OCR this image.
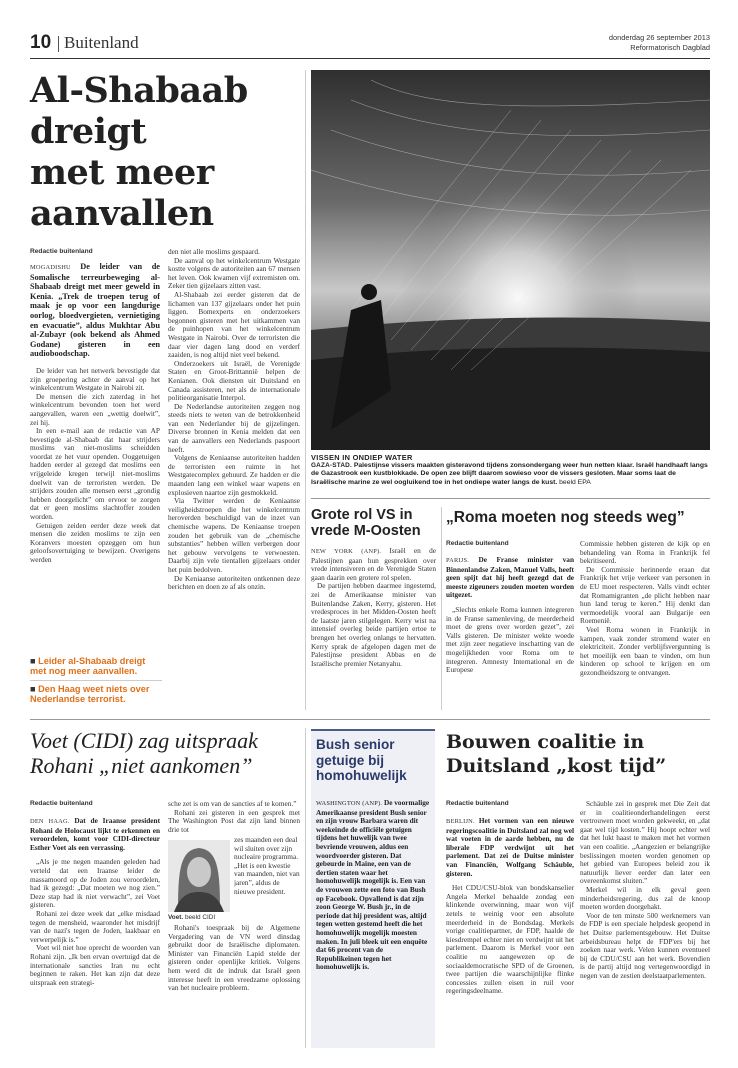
10 Buitenland	donderdag 26 september 2013
Reformatorisch Dagblad
Al-Shabaab
dreigt
met meer
aanvallen
Redactie buitenland

MOGADISHU De leider van de Somalische terreurbeweging al-Shabaab dreigt met meer geweld in Kenia. „Trek de troepen terug of maak je op voor een langdurige oorlog, bloedvergieten, vernietiging en evacuatie”, aldus Mukhtar Abu al-Zubayr (ook bekend als Ahmed Godane) gisteren in een audioboodschap.

De leider van het netwerk bevestigde dat zijn groepering achter de aanval op het winkelcentrum Westgate in Nairobi zit.

De mensen die zich zaterdag in het winkelcentrum bevonden toen het werd aangevallen, waren een „wettig doelwit”, zei hij.

In een e-mail aan de redactie van AP bevestigde al-Shabaab dat haar strijders moslims van niet-moslims scheidden voordat ze het vuur openden. Ooggetuigen hadden eerder al gezegd dat moslims een vrijgeleide kregen terwijl niet-moslims doelwit van de terroristen werden. De strijders zouden alle mensen eerst „grondig hebben doorgelicht” om ervoor te zorgen dat er geen moslims slachtoffer zouden worden.

Getuigen zeiden eerder deze week dat mensen die zeiden moslims te zijn een Koranvers moesten opzeggen om hun geloofsovertuiging te bewijzen. Overigens werden

■ Leider al-Shabaab dreigt met nog meer aanvallen.
■ Den Haag weet niets over Nederlandse terrorist.

den niet alle moslims gespaard.

De aanval op het winkelcentrum Westgate kostte volgens de autoriteiten aan 67 mensen het leven. Ook kwamen vijf extremisten om. Zeker tien gijzelaars zitten vast.

Al-Shabaab zei eerder gisteren dat de lichamen van 137 gijzelaars onder het puin liggen. Bomexperts en onderzoekers begonnen gisteren met het uitkammen van de puinhopen van het winkelcentrum Westgate in Nairobi. Over de terroristen die daar vier dagen lang dood en verderf zaaiden, is nog altijd niet veel bekend.

Onderzoekers uit Israël, de Verenigde Staten en Groot-Brittannië helpen de Kenianen. Ook diensten uit Duitsland en Canada assisteren, net als de internationale politieorganisatie Interpol.

De Nederlandse autoriteiten zeggen nog steeds niets te weten van de betrokkenheid van een Nederlander bij de gijzelingen. Diverse bronnen in Kenia melden dat een van de aanvallers een Nederlands paspoort heeft.

Volgens de Keniaanse autoriteiten hadden de terroristen een ruimte in het Westgatecomplex gehuurd. Ze hadden er die maanden lang een winkel waar wapens en explosieven naartoe zijn gesmokkeld.

Via Twitter werden de Keniaanse veiligheidstroepen die het winkelcentrum heroverden beschuldigd van de inzet van chemische wapens. De Keniaanse troepen zouden het gebruik van de „chemische substanties” hebben willen verbergen door het gebouw vervolgens te verwoesten. Daarbij zijn vele tientallen gijzelaars onder het puin bedolven.

De Keniaanse autoriteiten ontkennen deze berichten en doen ze af als onzin.

VISSEN IN ONDIEP WATER
GAZA-STAD. Palestijnse vissers maakten gisteravond tijdens zonsondergang weer hun netten klaar. Israël handhaaft langs de Gazastrook een kustblokkade. De open zee blijft daarom sowieso voor de vissers gesloten. Maar soms laat de Israëlische marine ze wel oogluikend toe in het ondiepe water langs de kust. beeld EPA
Grote rol VS in
vrede M-Oosten

NEW YORK (ANP). Israël en de Palestijnen gaan hun gesprekken over vrede intensiveren en de Verenigde Staten gaan daarin een grotere rol spelen.

De partijen hebben daarmee ingestemd, zei de Amerikaanse minister van Buitenlandse Zaken, Kerry, gisteren. Het vredesproces in het Midden-Oosten heeft de laatste jaren stilgelegen. Kerry wist na intensief overleg beide partijen ertoe te brengen het overleg onlangs te hervatten. Kerry sprak de afgelopen dagen met de Palestijnse president Abbas en de Israëlische premier Netanyahu.

„Roma moeten nog steeds weg”
Redactie buitenland

PARIJS. De Franse minister van Binnenlandse Zaken, Manuel Valls, heeft geen spijt dat hij heeft gezegd dat de meeste zigeuners zouden moeten worden uitgezet.

„Slechts enkele Roma kunnen integreren in de Franse samenleving, de meerderheid moet de grens over worden gezet”, zei Valls gisteren. De minister wekte woede met zijn zeer negatieve inschatting van de mogelijkheden voor Roma om te integreren. Amnesty International en de Europese

Commissie hebben gisteren de kijk op en behandeling van Roma in Frankrijk fel bekritiseerd.

De Commissie herinnerde eraan dat Frankrijk het vrije verkeer van personen in de EU moet respecteren. Valls vindt echter dat Romamigranten „de plicht hebben naar hun land terug te keren.” Hij denkt dan vermoedelijk vooral aan Bulgarije een Roemenië.

Veel Roma wonen in Frankrijk in kampen, vaak zonder stromend water en elektriciteit. Zonder verblijfsvergunning is het moeilijk een baan te vinden, om hun kinderen op school te krijgen en om gezondheidszorg te ontvangen.

Voet (CIDI) zag uitspraak
Rohani „niet aankomen”
Redactie buitenland

DEN HAAG. Dat de Iraanse president Rohani de Holocaust lijkt te erkennen en veroordelen, komt voor CIDI-directeur Esther Voet als een verrassing.

„Als je me negen maanden geleden had verteld dat een Iraanse leider de massamoord op de Joden zou veroordelen, had ik gezegd: „Dat moeten we nog zien.” Deze stap had ik niet verwacht”, zei Voet gisteren.

Rohani zei deze week dat „elke misdaad tegen de mensheid, waaronder het misdrijf van de nazi's tegen de Joden, laakbaar en verwerpelijk is.”

Voet wil niet hoe oprecht de woorden van Rohani zijn. „Ik ben ervan overtuigd dat de internationale sancties Iran nu echt beginnen te raken. Het kan zijn dat deze uitspraak een strategi-

sche zet is om van de sancties af te komen.”

Rohani zei gisteren in een gesprek met The Washington Post dat zijn land binnen drie tot

Voet. beeld CIDI

zes maanden een deal wil sluiten over zijn nucleaire programma. „Het is een kwestie van maanden, niet van jaren”, aldus de nieuwe president.

Rohani's toespraak bij de Algemene Vergadering van de VN werd dinsdag gebruikt door de Israëlische diplomaten. Minister van Financiën Lapid stelde der gisteren onder openlijke kritiek. Volgens hem werd dit de indruk dat Israël geen interesse heeft in een vreedzame oplossing van het nucleaire probleem.

Bush senior
getuige bij
homohuwelijk

WASHINGTON (ANP). De voormalige Amerikaanse president Bush senior en zijn vrouw Barbara waren dit weekeinde de officiële getuigen tijdens het huwelijk van twee bevriende vrouwen, aldus een woordvoerder gisteren. Dat gebeurde in Maine, een van de dertien staten waar het homohuwelijk mogelijk is. Een van de vrouwen zette een foto van Bush op Facebook. Opvallend is dat zijn zoon George W. Bush jr., in de periode dat hij president was, altijd tegen wetten gestemd heeft die het homohuwelijk mogelijk moesten maken. In juli bleek uit een enquête dat 66 procent van de Republikeinen tegen het homohuwelijk is.

Bouwen coalitie in
Duitsland „kost tijd”
Redactie buitenland

BERLIJN. Het vormen van een nieuwe regeringscoalitie in Duitsland zal nog wel wat voeten in de aarde hebben, nu de liberale FDP verdwijnt uit het parlement. Dat zei de Duitse minister van Financiën, Wolfgang Schäuble, gisteren.

Het CDU/CSU-blok van bondskanselier Angela Merkel behaalde zondag een klinkende overwinning, maar won vijf zetels te weinig voor een absolute meerderheid in de Bondsdag. Merkels vorige coalitiepartner, de FDP, haalde de kiesdrempel echter niet en verdwijnt uit het parlement. Daarom is Merkel voor een coalitie nu aangewezen op de sociaaldemocratische SPD of de Groenen, twee partijen die waarschijnlijke flinke concessies zullen eisen in ruil voor regeringsdeelname.

Schäuble zei in gesprek met Die Zeit dat er in coalitieonderhandelingen eerst vertrouwen moet worden gekweekt, en „dat gaat wel tijd kosten.” Hij hoopt echter wel dat het lukt haast te maken met het vormen van een coalitie. „Aangezien er belangrijke beslissingen moeten worden genomen op het gebied van Europees beleid zou ik natuurlijk liever eerder dan later een overeenkomst sluiten.”

Merkel wil in elk geval geen minderheidsregering, dus zal de knoop moeten worden doorgehakt.

Voor de ten minste 500 werknemers van de FDP is een speciale helpdesk geopend in het Duitse parlementsgebouw. Het Duitse arbeidsbureau helpt de FDP'ers bij het zoeken naar werk. Velen kunnen eventueel bij de CDU/CSU aan het werk. Bovendien is de partij altijd nog vertegenwoordigd in negen van de zestien deelstaatparlementen.
